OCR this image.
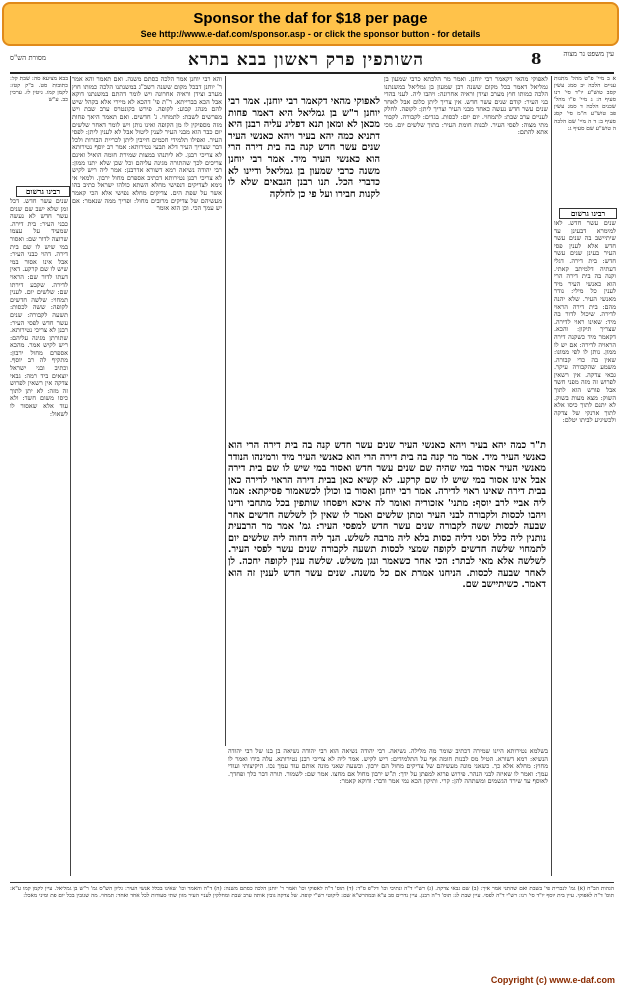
Sponsor the daf for $18 per page
See http://www.e-daf.com/sponsor.asp - or click the sponsor button - for details
8
השותפין פרק ראשון בבא בתרא	עין משפט נר מצוה
מסורת הש"ס

א ב מיי' פ"ט מהל' מתנות עניים הלכה יב סמג עשין קסב טוש"ע יו"ד סי' רנו סעיף ה: ג מיי' פ"ו מהל' שכנים הלכה ד סמג עשין פב טוש"ע ח"מ סי' קסג סעיף ב: ד ה מיי' שם הלכה ה טוש"ע שם סעיף ג:

רבינו גרשום

שנים עשר חדש. לאו למימרא דבעינן עד שיתיישב בה שנים עשר חדש אלא לענין פסי העיר בעינן שנים עשר חדש: בית דירה. דגלי דעתיה דלמיתב קאתי. וקנה בה בית דירה הרי הוא כאנשי העיר מיד לענין כל מילי: נודר מאנשי העיר. שלא יהנה מהם: בית דירה הראוי לדירה. שיכול לדור בה מיד: שאינו ראוי לדירה. שצריך תיקון: והכא. דקאמר מיד כשקנה דירה הראויה לדירה: אם יש לו ממון. נותן לו לפי ממונו: שאין בה כדי קבורה. משמע שהקבורה עיקר. גבאי צדקה. אין רשאין לפרוש זה מזה מפני חשד אבל פורש הוא לתוך השוק: מצא מעות בשוק. לא יתנם לתוך כיסו אלא לתוך ארנקי של צדקה ולכשיגיע לביתו יטלם:

בבא מציעא סה: שבת קל: כתובות סט. ב"ק קטז: לקמן קמו. גיטין לז. ערכין כב. ע"ש

רבינו גרשום

שנים עשר חדש. דכל זמן שלא ישב שם שנים עשר חדש לא נעשה כבני העיר: בית דירה. שמעיד על עצמו שרוצה לדור שם: ואסור במי שיש לו שם בית דירה. דהוי כבני העיר: אבל אינו אסור במי שיש לו שם קרקע. דאין דעתו לדור שם: הראוי לדירה. שקבע דירתו שם: שלשים יום. לענין תמחוי: שלשה חדשים לקופה: ששה לכסות: תשעה לקבורה: שנים עשר חדש לפסי העיר: רבנן לא צריכי נטירותא. שתורתן מגינה עליהם: ריש לקיש אמר. מהכא אספרם מחול ירבון: מתקיף לה רב יוסף. וכתיב ובני ישראל יוצאים ביד רמה: גבאי צדקה אין רשאין לפרוש זה מזה: לא יתן לתוך כיסו משום חשד: ולא עוד אלא שאסור לו לשאול:

לאפוקי מהאי דקאמר רבי יוחנן. ואמר מר הלכתא כרבי שמעון בן גמליאל דאמר בכל מקום ששנה רבן שמעון בן גמליאל במשנתנו הלכה כמותו חוץ מערב וצידן וראיה אחרונה: ויהבו ליה. לעני בהדי בני העיר: קודם שנים עשר חדש. אין צריך ליתן כלום אבל לאחר שנים עשר חדש נעשה כאחד מבני העיר וצריך ליתן: לקופה. לחלק לעניים ערב שבת: לתמחוי. יום יום: לכסות. בגדים: לקבורה. לקבור מתי מצוה: לפסי העיר. לבנות חומת העיר: בתוך שלשים יום. מכי אתא להתם:

והא רבי יוחנן אמר הלכה כסתם משנה. ואם תאמר והא אמר ר' יוחנן דבכל מקום ששנה רשב"ג במשנתנו הלכה כמותו חוץ מערב וצידן וראיה אחרונה ויש לומר דהתם במשנתנו דוקא אבל הכא בברייתא. ר"ת פי' דהכא לא מיירי אלא בקהל שיש להם מנהג קבוע: לקופה. פירש בקונטרס ערב שבת ויש מפרשים לשבת: לתמחוי. ג' חדשים. ואם תאמר היאך פחות מזה מספיקין לו מן הקופה ואינו נותן ויש לומר דאחר שלשים יום כבר הוא מבני העיר לענין ליטול אבל לא לענין ליתן: לפסי העיר. ואפילו תלמידי חכמים חייבין ליתן לכריית הבורות ולכל דבר שצריך העיר דלא תבעי נטירותא: אמר רב יוסף נטירותא לא צריכי רבנן. לא ליתנהו במצות שמירת חומה הואיל ואינם צריכים לכך שהתורה מגינה עליהם וכל שכן שלא יתנו ממון: רבי יהודה נשיאה רמא דשורא אדרבנן: אמר ליה ריש לקיש לא צריכי רבנן נטירותא דכתיב אספרם מחול ירבון. ולמאי אי נימא לצדיקים דנפישי מחלא השתא כולהו ישראל כתיב בהו אשר על שפת הים. צדיקים מחלא נפישי אלא הכי קאמר מעשיהם של צדיקים מרובים מחול: ופריך ממה שנאמר: אם יש עמך הכי. וכן הוא אומר

לאפוקי מהאי דקאמר רבי יוחנן. אמר רבי יוחנן ר"ש בן גמליאל היא דאמר פחות מכאן לא ומאן תנא דפליג עליה רבנן היא דתניא כמה יהא בעיר ויהא כאנשי העיר שנים עשר חדש קנה בה בית דירה הרי הוא כאנשי העיר מיד. אמר רבי יוחנן משנה כרבי שמעון בן גמליאל ודיינו לא כדברי הכל. תנו רבנן הגבאים שלא לו לקנות חבירו ועל פי כן לחלקה

ת"ר כמה יהא בעיר ויהא כאנשי העיר שנים עשר חדש קנה בה בית דירה הרי הוא כאנשי העיר מיד. אמר מר קנה בה בית דירה הרי הוא כאנשי העיר מיד ורמינהו הנודר מאנשי העיר אסור במי שהיה שם שנים עשר חדש ואסור במי שיש לו שם בית דירה אבל אינו אסור במי שיש לו שם קרקע. לא קשיא כאן בבית דירה הראוי לדירה כאן בבית דירה שאינו ראוי לדירה. אמר רבי יוחנן ואסור בו וכולן לכשאמור פסיקתא: אמר ליה אביי לרב יוסף: מתני' אזכוריה ואומר לה איכא ויפסחו שותפין בכל מתחבי ודינו ויהבו לכסות ולקבורה לבני העיר ומתן שלשים ואמר לו שאין לן לשלשה חדשים אחר שבעה לכסות ששה לקבורה שנים עשר חדש למפסי העיר: גמ' אמר מר הרבעית נותנין ליה כלל וסגי דליה כסות בלא ליה מרבה לשלש. הנך ליה דחוה ליה שלשים יום לתמחוי שלשה חדשים לקופה שמצי לכסות תשעה לקבורה שנים עשר לפסי העיר. לשלשה אלא מאי לבתר: הכי אחר כשאמר ונגן משלש. שלשה ענין לקופה יחכה. לן לאחר שבעה לכסות. הניחנו אמרת אם כל משנה. שנים עשר חדש לענין זה הוא דאמר. כשיתיישב שם.

בשלמא נטירותא היינו שמירה דכתיב שומר מה מלילה. נשיאה. רבי יהודה נשיאה הוא רבי יהודה נשיאה בן בנו של רבי יהודה הנשיא: רמא דשורא. הטיל מס לבנות חומה אף על התלמידים: ריש לקיש. אמר ליה לא צריכי רבנן נטירותא. עלה בידו ואמר לו מחוץ: מחלא אלא כך. כשאני מונה מעשיהם של צדיקים מחול הם ירבון. ובשעה שאני מונה אותם עוד עמך נכו. היקיצותי ועודי עמך: ואמר לו שאיזה לבני הנהר. פירוש פרוא למפתן על ידך: ת"ש ירבון מחול אם מחצו. אמר שם: לשמור. תורה דבר כלך ופחדך. לאוסף עד שירד הגשמים ומשתהה להן: קרי. ותיקון הכא נמי אמר ודבר: ודוקא קאמר:

הגהות הב"ח (א) גמ' לנכרית פי' בשבת ואם שהתני אמר איך: (ב) שם גבאי צדקה. (ג) רש"י ד"ה ונתיכי וכו' דל"פ ס"ד: (ד) תוס' ד"ה לאפוקי וכו' ואמר ר' יוחנן הלכה כסתם משנה: (ה) ד"ה והאמר וכו' שאינו בכלל אנשי העיר: גליון הש"ס גמ' ר"ש בן גמליאל. עיין לקמן קמו ע"א: תוס' ד"ה לאפוקי. עיין בית יוסף יו"ד סי' רנו: רש"י ד"ה לפסי. עיין שבת לג: תוס' ד"ה רבנן. עיין נדרים סב ע"א ובמהרש"א שם: ליקוטי רש"י קופה. של צדקה גובין אותה ערב שבת ומחלקין לעניי העיר מזון שתי סעודות לכל אחד ואחד: תמחוי. מה שגובין בכל יום פת ומיני מאכל:

Copyright (c) www.e-daf.com
